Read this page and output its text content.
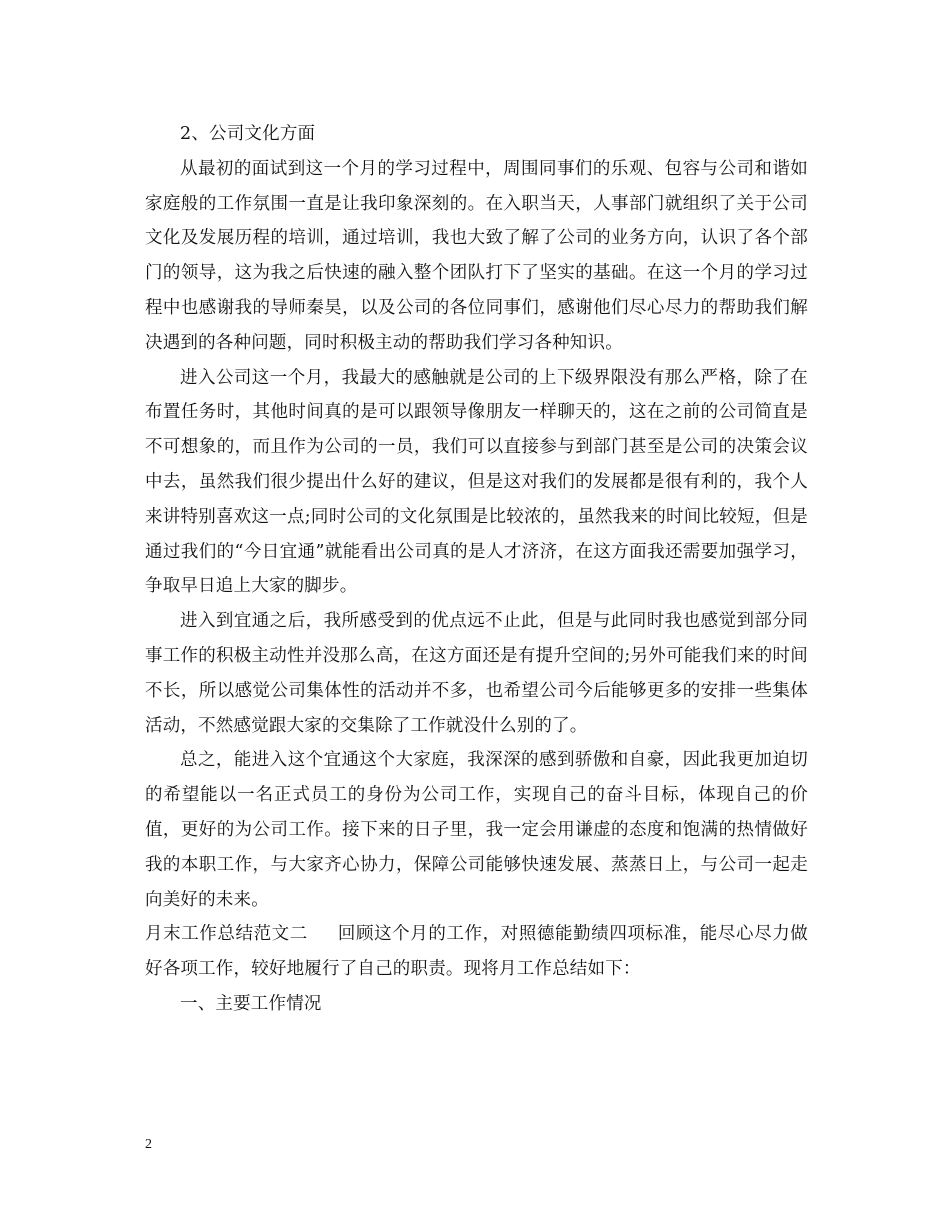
2、公司文化方面

从最初的面试到这一个月的学习过程中，周围同事们的乐观、包容与公司和谐如家庭般的工作氛围一直是让我印象深刻的。在入职当天，人事部门就组织了关于公司文化及发展历程的培训，通过培训，我也大致了解了公司的业务方向，认识了各个部门的领导，这为我之后快速的融入整个团队打下了坚实的基础。在这一个月的学习过程中也感谢我的导师秦昊，以及公司的各位同事们，感谢他们尽心尽力的帮助我们解决遇到的各种问题，同时积极主动的帮助我们学习各种知识。

进入公司这一个月，我最大的感触就是公司的上下级界限没有那么严格，除了在布置任务时，其他时间真的是可以跟领导像朋友一样聊天的，这在之前的公司简直是不可想象的，而且作为公司的一员，我们可以直接参与到部门甚至是公司的决策会议中去，虽然我们很少提出什么好的建议，但是这对我们的发展都是很有利的，我个人来讲特别喜欢这一点;同时公司的文化氛围是比较浓的，虽然我来的时间比较短，但是通过我们的“今日宜通”就能看出公司真的是人才济济，在这方面我还需要加强学习，争取早日追上大家的脚步。

进入到宜通之后，我所感受到的优点远不止此，但是与此同时我也感觉到部分同事工作的积极主动性并没那么高，在这方面还是有提升空间的;另外可能我们来的时间不长，所以感觉公司集体性的活动并不多，也希望公司今后能够更多的安排一些集体活动，不然感觉跟大家的交集除了工作就没什么别的了。

总之，能进入这个宜通这个大家庭，我深深的感到骄傲和自豪，因此我更加迫切的希望能以一名正式员工的身份为公司工作，实现自己的奋斗目标，体现自己的价值，更好的为公司工作。接下来的日子里，我一定会用谦虚的态度和饱满的热情做好我的本职工作，与大家齐心协力，保障公司能够快速发展、蒸蒸日上，与公司一起走向美好的未来。

月末工作总结范文二 回顾这个月的工作，对照德能勤绩四项标准，能尽心尽力做好各项工作，较好地履行了自己的职责。现将月工作总结如下：

一、主要工作情况

2
